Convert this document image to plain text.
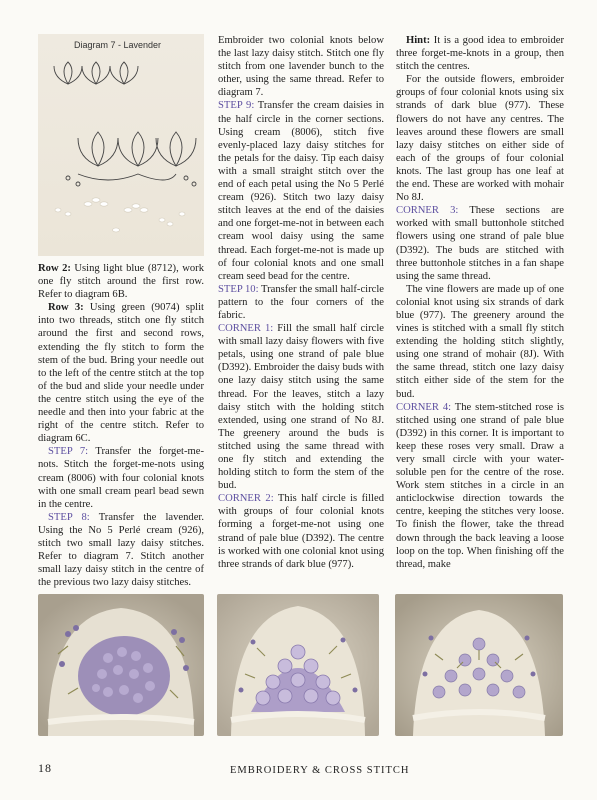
Diagram 7 - Lavender

Row 2: Using light blue (8712), work one fly stitch around the first row. Refer to diagram 6B.

Row 3: Using green (9074) split into two threads, stitch one fly stitch around the first and second rows, extending the fly stitch to form the stem of the bud. Bring your needle out to the left of the centre stitch at the top of the bud and slide your needle under the centre stitch using the eye of the needle and then into your fabric at the right of the centre stitch. Refer to diagram 6C.

STEP 7: Transfer the forget-me-nots. Stitch the forget-me-nots using cream (8006) with four colonial knots with one small cream pearl bead sewn in the centre.

STEP 8: Transfer the lavender. Using the No 5 Perlé cream (926), stitch two small lazy daisy stitches. Refer to diagram 7. Stitch another small lazy daisy stitch in the centre of the previous two lazy daisy stitches.

Embroider two colonial knots below the last lazy daisy stitch. Stitch one fly stitch from one lavender bunch to the other, using the same thread. Refer to diagram 7.

STEP 9: Transfer the cream daisies in the half circle in the corner sections. Using cream (8006), stitch five evenly-placed lazy daisy stitches for the petals for the daisy. Tip each daisy with a small straight stitch over the end of each petal using the No 5 Perlé cream (926). Stitch two lazy daisy stitch leaves at the end of the daisies and one forget-me-not in between each cream wool daisy using the same thread. Each forget-me-not is made up of four colonial knots and one small cream seed bead for the centre.

STEP 10: Transfer the small half-circle pattern to the four corners of the fabric.

CORNER 1: Fill the small half circle with small lazy daisy flowers with five petals, using one strand of pale blue (D392). Embroider the daisy buds with one lazy daisy stitch using the same thread. For the leaves, stitch a lazy daisy stitch with the holding stitch extended, using one strand of No 8J. The greenery around the buds is stitched using the same thread with one fly stitch and extending the holding stitch to form the stem of the bud.

CORNER 2: This half circle is filled with groups of four colonial knots forming a forget-me-not using one strand of pale blue (D392). The centre is worked with one colonial knot using three strands of dark blue (977).

Hint: It is a good idea to embroider three forget-me-knots in a group, then stitch the centres.

For the outside flowers, embroider groups of four colonial knots using six strands of dark blue (977). These flowers do not have any centres. The leaves around these flowers are small lazy daisy stitches on either side of each of the groups of four colonial knots. The last group has one leaf at the end. These are worked with mohair No 8J.

CORNER 3: These sections are worked with small buttonhole stitched flowers using one strand of pale blue (D392). The buds are stitched with three buttonhole stitches in a fan shape using the same thread.

The vine flowers are made up of one colonial knot using six strands of dark blue (977). The greenery around the vines is stitched with a small fly stitch extending the holding stitch slightly, using one strand of mohair (8J). With the same thread, stitch one lazy daisy stitch either side of the stem for the bud.

CORNER 4: The stem-stitched rose is stitched using one strand of pale blue (D392) in this corner. It is important to keep these roses very small. Draw a very small circle with your water-soluble pen for the centre of the rose. Work stem stitches in a circle in an anticlockwise direction towards the centre, keeping the stitches very loose. To finish the flower, take the thread down through the back leaving a loose loop on the top. When finishing off the thread, make

18	EMBROIDERY & CROSS STITCH
